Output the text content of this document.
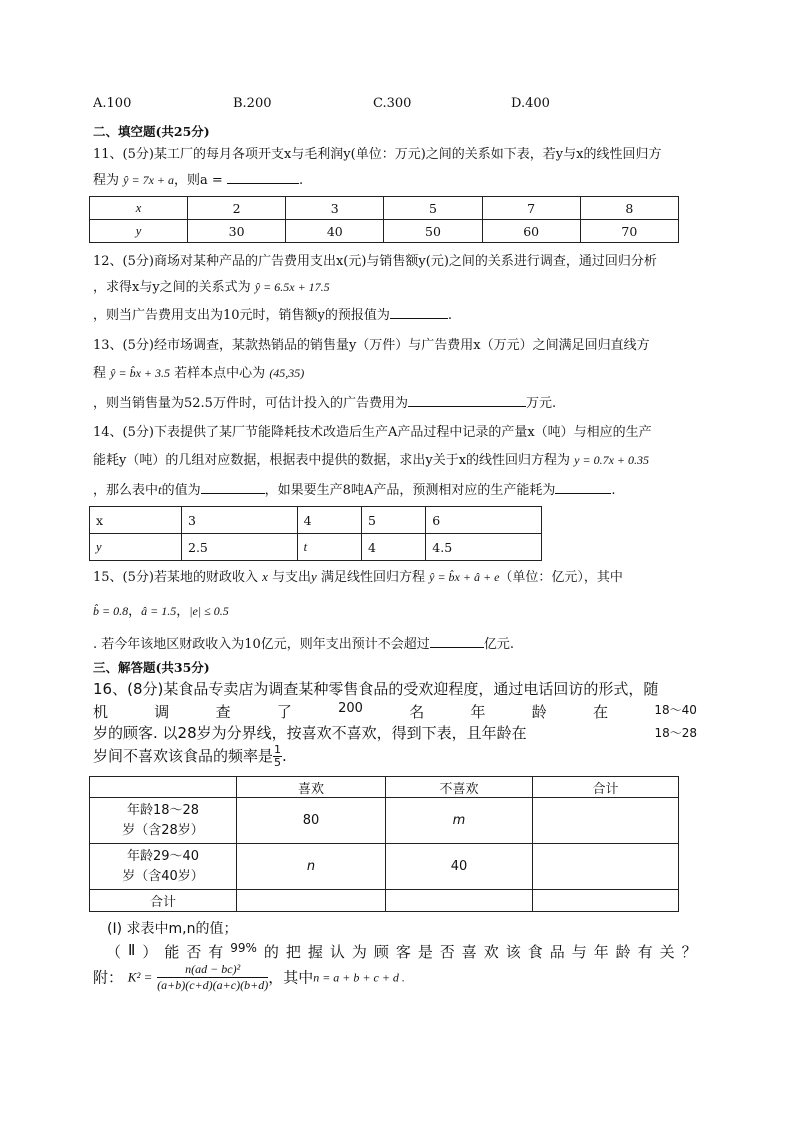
A.100	B.200	C.300	D.400
二、填空题(共25分)
11、(5分)某工厂的每月各项开支x与毛利润y(单位：万元)之间的关系如下表，若y与x的线性回归方
程为 ŷ = 7x + a，则a =	.
x	2	3	5	7	8
y	30	40	50	60	70
12、(5分)商场对某种产品的广告费用支出x(元)与销售额y(元)之间的关系进行调查，通过回归分析
，求得x与y之间的关系式为 ŷ = 6.5x + 17.5
，则当广告费用支出为10元时，销售额y的预报值为	.
13、(5分)经市场调查，某款热销品的销售量y（万件）与广告费用x（万元）之间满足回归直线方
程 ŷ = b̂x + 3.5 若样本点中心为 (45,35)
，则当销售量为52.5万件时，可估计投入的广告费用为	万元.
14、(5分)下表提供了某厂节能降耗技术改造后生产A产品过程中记录的产量x（吨）与相应的生产
能耗y（吨）的几组对应数据，根据表中提供的数据，求出y关于x的线性回归方程为 y = 0.7x + 0.35
，那么表中t的值为	，如果要生产8吨A产品，预测相对应的生产能耗为	.
x	3	4	5	6
y	2.5	t	4	4.5
15、(5分)若某地的财政收入 x 与支出y 满足线性回归方程 ŷ = b̂x + â + e（单位：亿元），其中
b̂ = 0.8，â = 1.5，|e| ≤ 0.5
. 若今年该地区财政收入为10亿元，则年支出预计不会超过	亿元.
三、解答题(共35分)
16、(8分)某食品专卖店为调查某种零售食品的受欢迎程度，通过电话回访的形式，随
机	调	查	了	200	名	年	龄	在	18～40
岁的顾客. 以28岁为分界线，按喜欢不喜欢，得到下表，且年龄在	18～28
岁间不喜欢该食品的频率是 $\frac{1}{5}$ .
	喜欢	不喜欢	合计

年龄18～28
岁（含28岁）	80	m	

年龄29～40
岁（含40岁）	n	40	
合计			
(Ⅰ) 求表中m,n的值；
（ Ⅱ ） 能 否 有 99% 的 把 握 认 为 顾 客 是 否 喜 欢 该 食 品 与 年 龄 有 关 ？
附： $K^2 = \frac{\text{n(ad − bc)²}}{(a+b)(c+d)(a+c)(b+d)}$ ，其中n = a + b + c + d .
